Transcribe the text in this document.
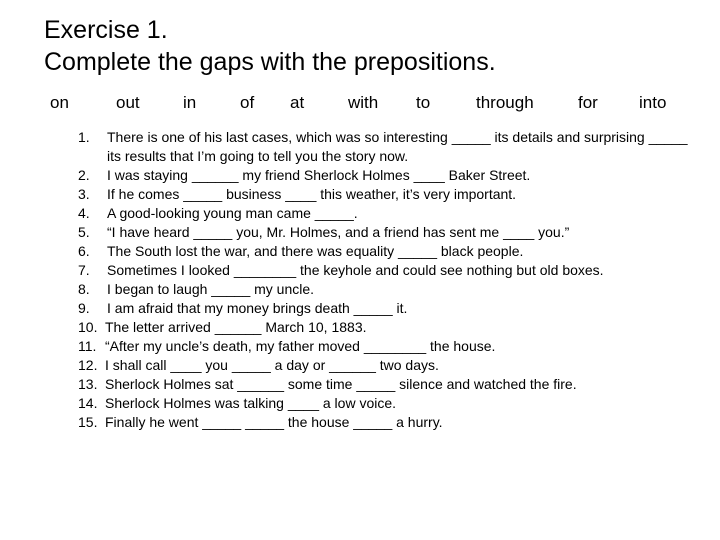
Exercise 1.
Complete the gaps with the prepositions.
on	out	in	of at	with to	through	for into
1.	There is one of his last cases, which was so interesting _____ its details and surprising _____ its results that I’m going to tell you the story now.
2.	I was staying ______ my friend Sherlock Holmes ____ Baker Street.
3.	If he comes _____ business ____ this weather, it’s very important.
4.	A good-looking young man came _____.
5.	“I have heard _____ you, Mr. Holmes, and a friend has sent me ____ you.”
6.	The South lost the war, and there was equality _____ black people.
7.	Sometimes I looked ________ the keyhole and could see nothing but old boxes.
8.	I began to laugh _____ my uncle.
9.	I am afraid that my money brings death _____ it.
10. The letter arrived ______ March 10, 1883.
11. “After my uncle’s death, my father moved ________ the house.
12. I shall call ____ you _____ a day or ______ two days.
13. Sherlock Holmes sat ______ some time _____ silence and watched the fire.
14. Sherlock Holmes was talking ____ a low voice.
15. Finally he went _____ _____ the house _____ a hurry.
